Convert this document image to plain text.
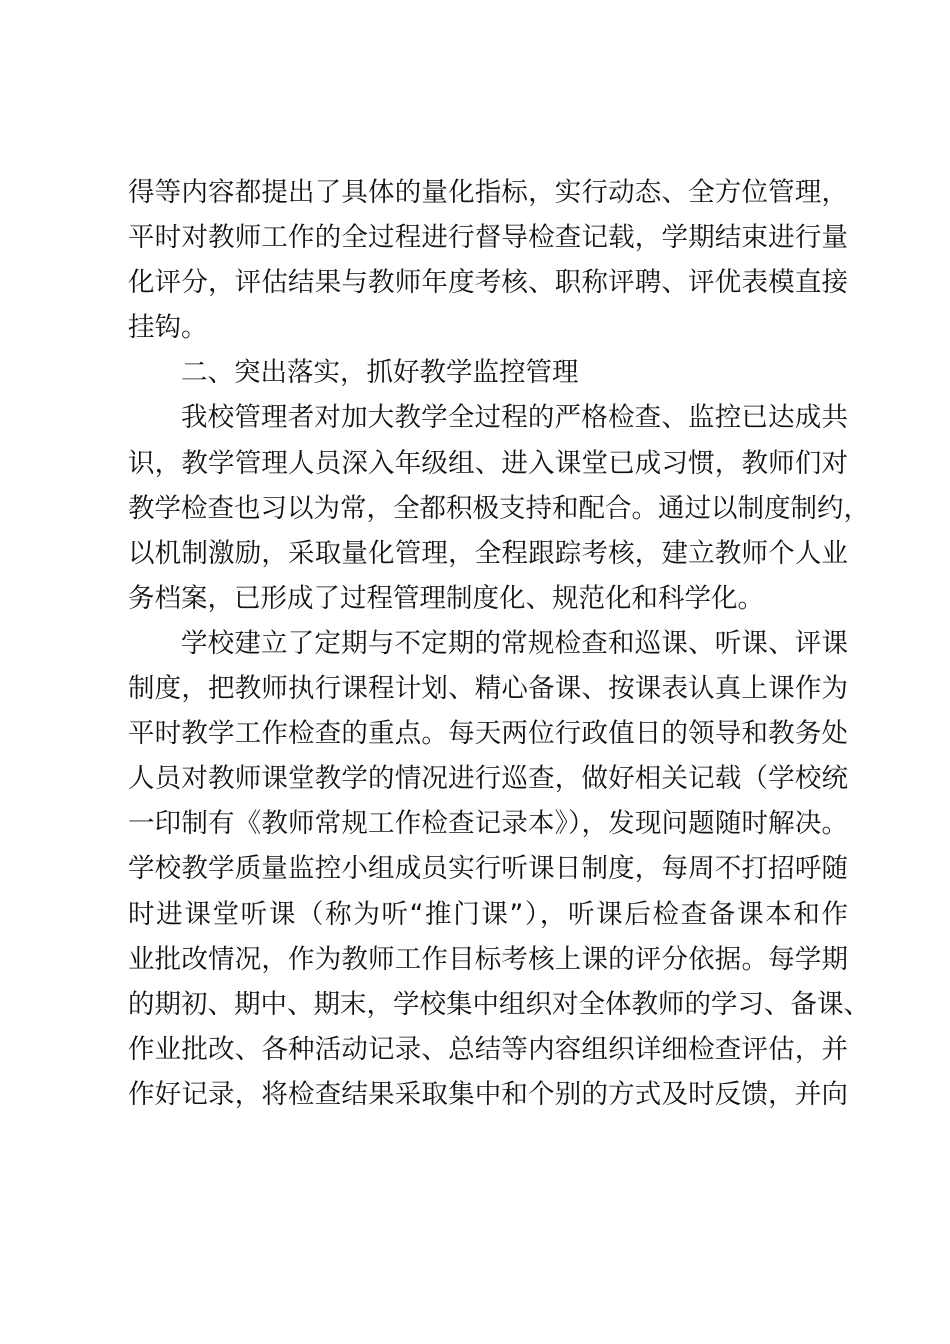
得等内容都提出了具体的量化指标，实行动态、全方位管理，
平时对教师工作的全过程进行督导检查记载，学期结束进行量
化评分，评估结果与教师年度考核、职称评聘、评优表模直接
挂钩。
二、突出落实，抓好教学监控管理
我校管理者对加大教学全过程的严格检查、监控已达成共
识，教学管理人员深入年级组、进入课堂已成习惯，教师们对
教学检查也习以为常，全都积极支持和配合。通过以制度制约，
以机制激励，采取量化管理，全程跟踪考核，建立教师个人业
务档案，已形成了过程管理制度化、规范化和科学化。
学校建立了定期与不定期的常规检查和巡课、听课、评课
制度，把教师执行课程计划、精心备课、按课表认真上课作为
平时教学工作检查的重点。每天两位行政值日的领导和教务处
人员对教师课堂教学的情况进行巡查，做好相关记载（学校统
一印制有《教师常规工作检查记录本》），发现问题随时解决。
学校教学质量监控小组成员实行听课日制度，每周不打招呼随
时进课堂听课（称为听“推门课”），听课后检查备课本和作
业批改情况，作为教师工作目标考核上课的评分依据。每学期
的期初、期中、期末，学校集中组织对全体教师的学习、备课、
作业批改、各种活动记录、总结等内容组织详细检查评估，并
作好记录，将检查结果采取集中和个别的方式及时反馈，并向
